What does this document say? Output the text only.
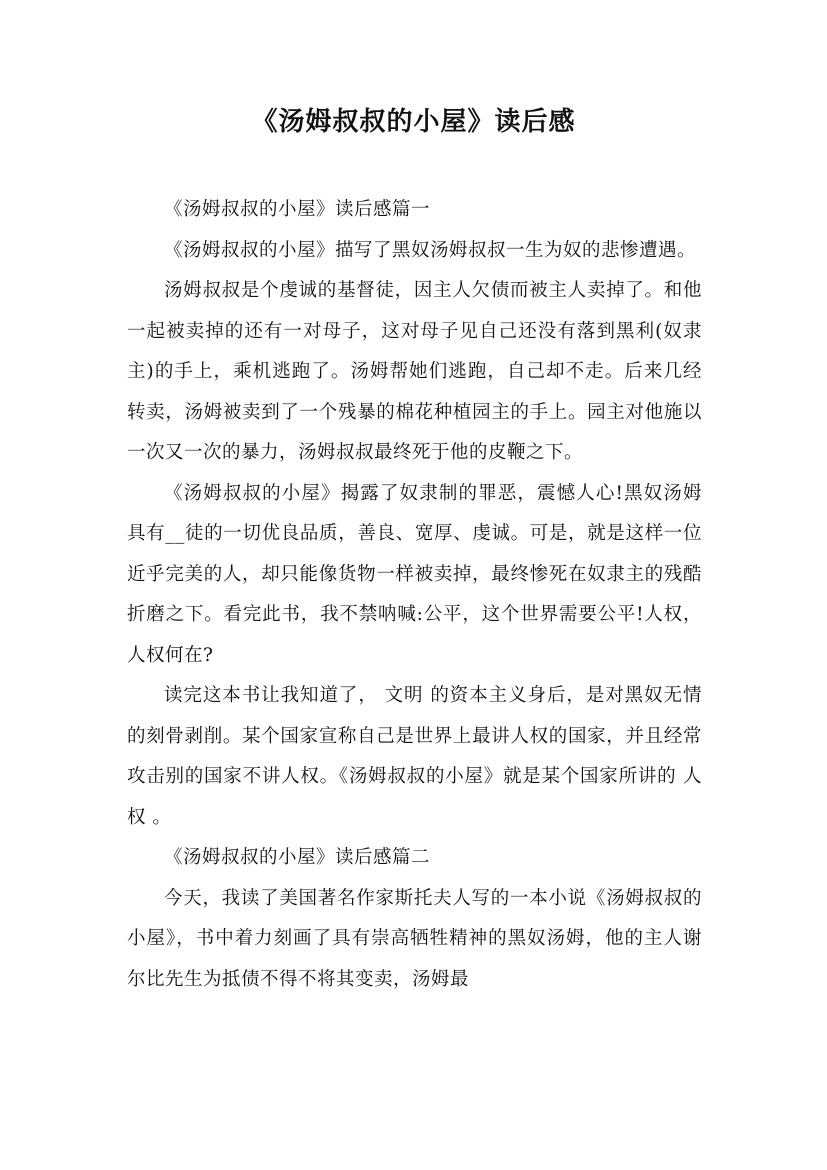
《汤姆叔叔的小屋》读后感

《汤姆叔叔的小屋》读后感篇一

《汤姆叔叔的小屋》描写了黑奴汤姆叔叔一生为奴的悲惨遭遇。

汤姆叔叔是个虔诚的基督徒，因主人欠债而被主人卖掉了。和他一起被卖掉的还有一对母子，这对母子见自己还没有落到黑利(奴隶主)的手上，乘机逃跑了。汤姆帮她们逃跑，自己却不走。后来几经转卖，汤姆被卖到了一个残暴的棉花种植园主的手上。园主对他施以一次又一次的暴力，汤姆叔叔最终死于他的皮鞭之下。

《汤姆叔叔的小屋》揭露了奴隶制的罪恶，震憾人心!黑奴汤姆具有__徒的一切优良品质，善良、宽厚、虔诚。可是，就是这样一位近乎完美的人，却只能像货物一样被卖掉，最终惨死在奴隶主的残酷折磨之下。看完此书，我不禁呐喊:公平，这个世界需要公平!人权，人权何在?

读完这本书让我知道了， 文明 的资本主义身后，是对黑奴无情的刻骨剥削。某个国家宣称自己是世界上最讲人权的国家，并且经常攻击别的国家不讲人权。《汤姆叔叔的小屋》就是某个国家所讲的 人权 。

《汤姆叔叔的小屋》读后感篇二

今天，我读了美国著名作家斯托夫人写的一本小说《汤姆叔叔的小屋》，书中着力刻画了具有崇高牺牲精神的黑奴汤姆，他的主人谢尔比先生为抵债不得不将其变卖，汤姆最
